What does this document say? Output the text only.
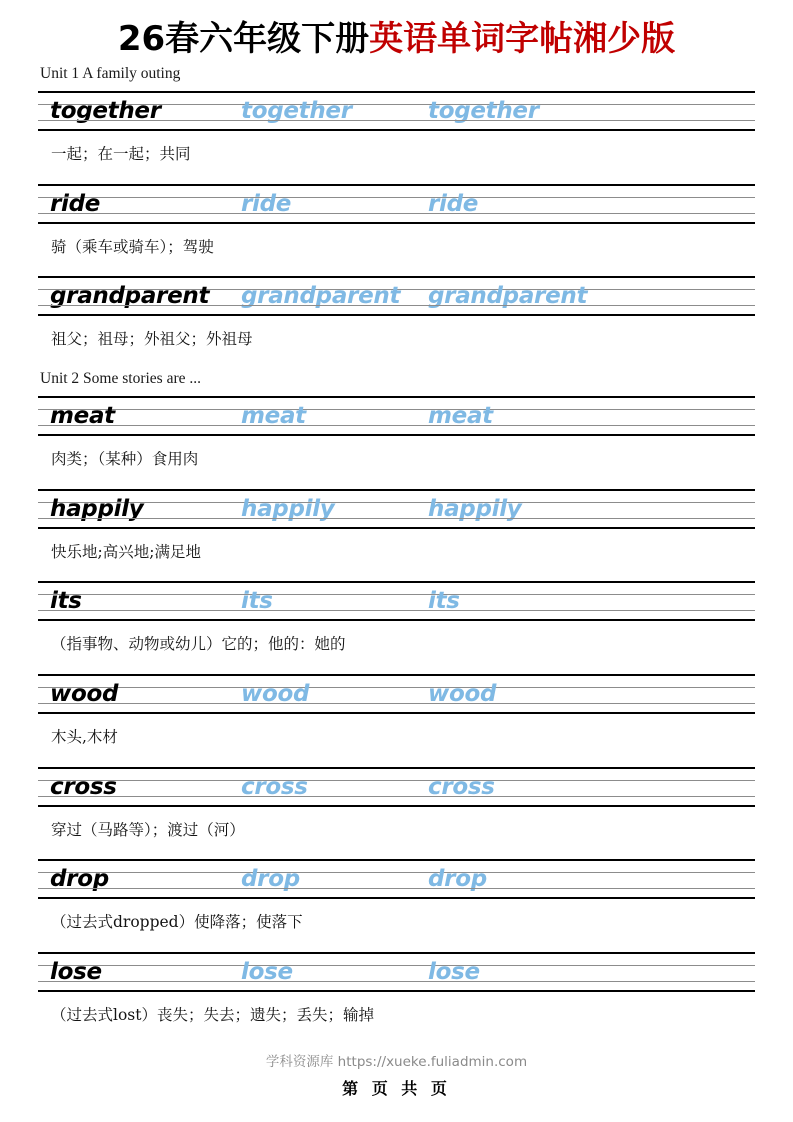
26春六年级下册英语单词字帖湘少版
Unit 1 A family outing
together	together	together
一起；在一起；共同
ride	ride	ride
骑（乘车或骑车）；驾驶
grandparent grandparent grandparent
祖父；祖母；外祖父；外祖母
Unit 2 Some stories are ...
meat	meat	meat
肉类；（某种）食用肉
happily	happily	happily
快乐地;高兴地;满足地
its	its	its
（指事物、动物或幼儿）它的；他的：她的
wood	wood	wood
木头,木材
cross	cross	cross
穿过（马路等）；渡过（河）
drop	drop	drop
（过去式dropped）使降落；使落下
lose	lose	lose
（过去式lost）丧失；失去；遗失；丢失；输掉
学科资源库 https://xueke.fuliadmin.com
第 页 共 页
